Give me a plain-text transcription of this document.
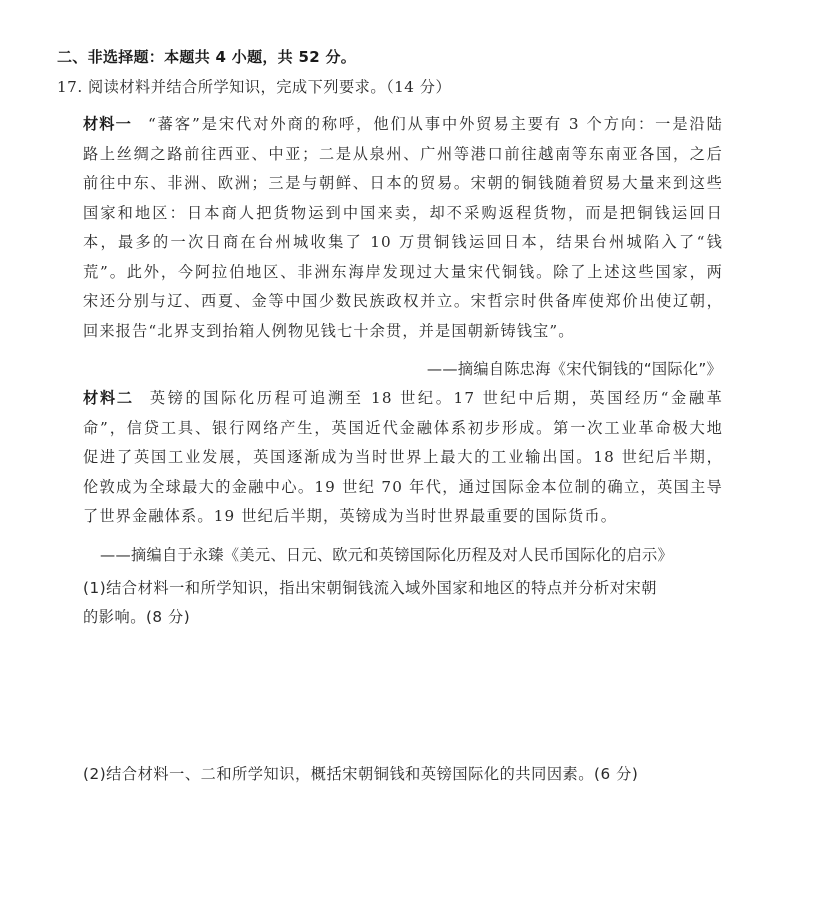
二、非选择题：本题共 4 小题，共 52 分。
17. 阅读材料并结合所学知识，完成下列要求。（14 分）
材料一 “蕃客”是宋代对外商的称呼，他们从事中外贸易主要有 3 个方向：一是沿陆
路上丝绸之路前往西亚、中亚；二是从泉州、广州等港口前往越南等东南亚各国，之后
前往中东、非洲、欧洲；三是与朝鲜、日本的贸易。宋朝的铜钱随着贸易大量来到这些
国家和地区：日本商人把货物运到中国来卖，却不采购返程货物，而是把铜钱运回日
本，最多的一次日商在台州城收集了 10 万贯铜钱运回日本，结果台州城陷入了“钱
荒”。此外，今阿拉伯地区、非洲东海岸发现过大量宋代铜钱。除了上述这些国家，两
宋还分别与辽、西夏、金等中国少数民族政权并立。宋哲宗时供备库使郑价出使辽朝，
回来报告“北界支到抬箱人例物见钱七十余贯，并是国朝新铸钱宝”。
——摘编自陈忠海《宋代铜钱的“国际化”》
材料二 英镑的国际化历程可追溯至 18 世纪。17 世纪中后期，英国经历“金融革
命”，信贷工具、银行网络产生，英国近代金融体系初步形成。第一次工业革命极大地
促进了英国工业发展，英国逐渐成为当时世界上最大的工业输出国。18 世纪后半期，
伦敦成为全球最大的金融中心。19 世纪 70 年代，通过国际金本位制的确立，英国主导
了世界金融体系。19 世纪后半期，英镑成为当时世界最重要的国际货币。
——摘编自于永臻《美元、日元、欧元和英镑国际化历程及对人民币国际化的启示》
(1)结合材料一和所学知识，指出宋朝铜钱流入域外国家和地区的特点并分析对宋朝
的影响。(8 分)
(2)结合材料一、二和所学知识，概括宋朝铜钱和英镑国际化的共同因素。(6 分)
